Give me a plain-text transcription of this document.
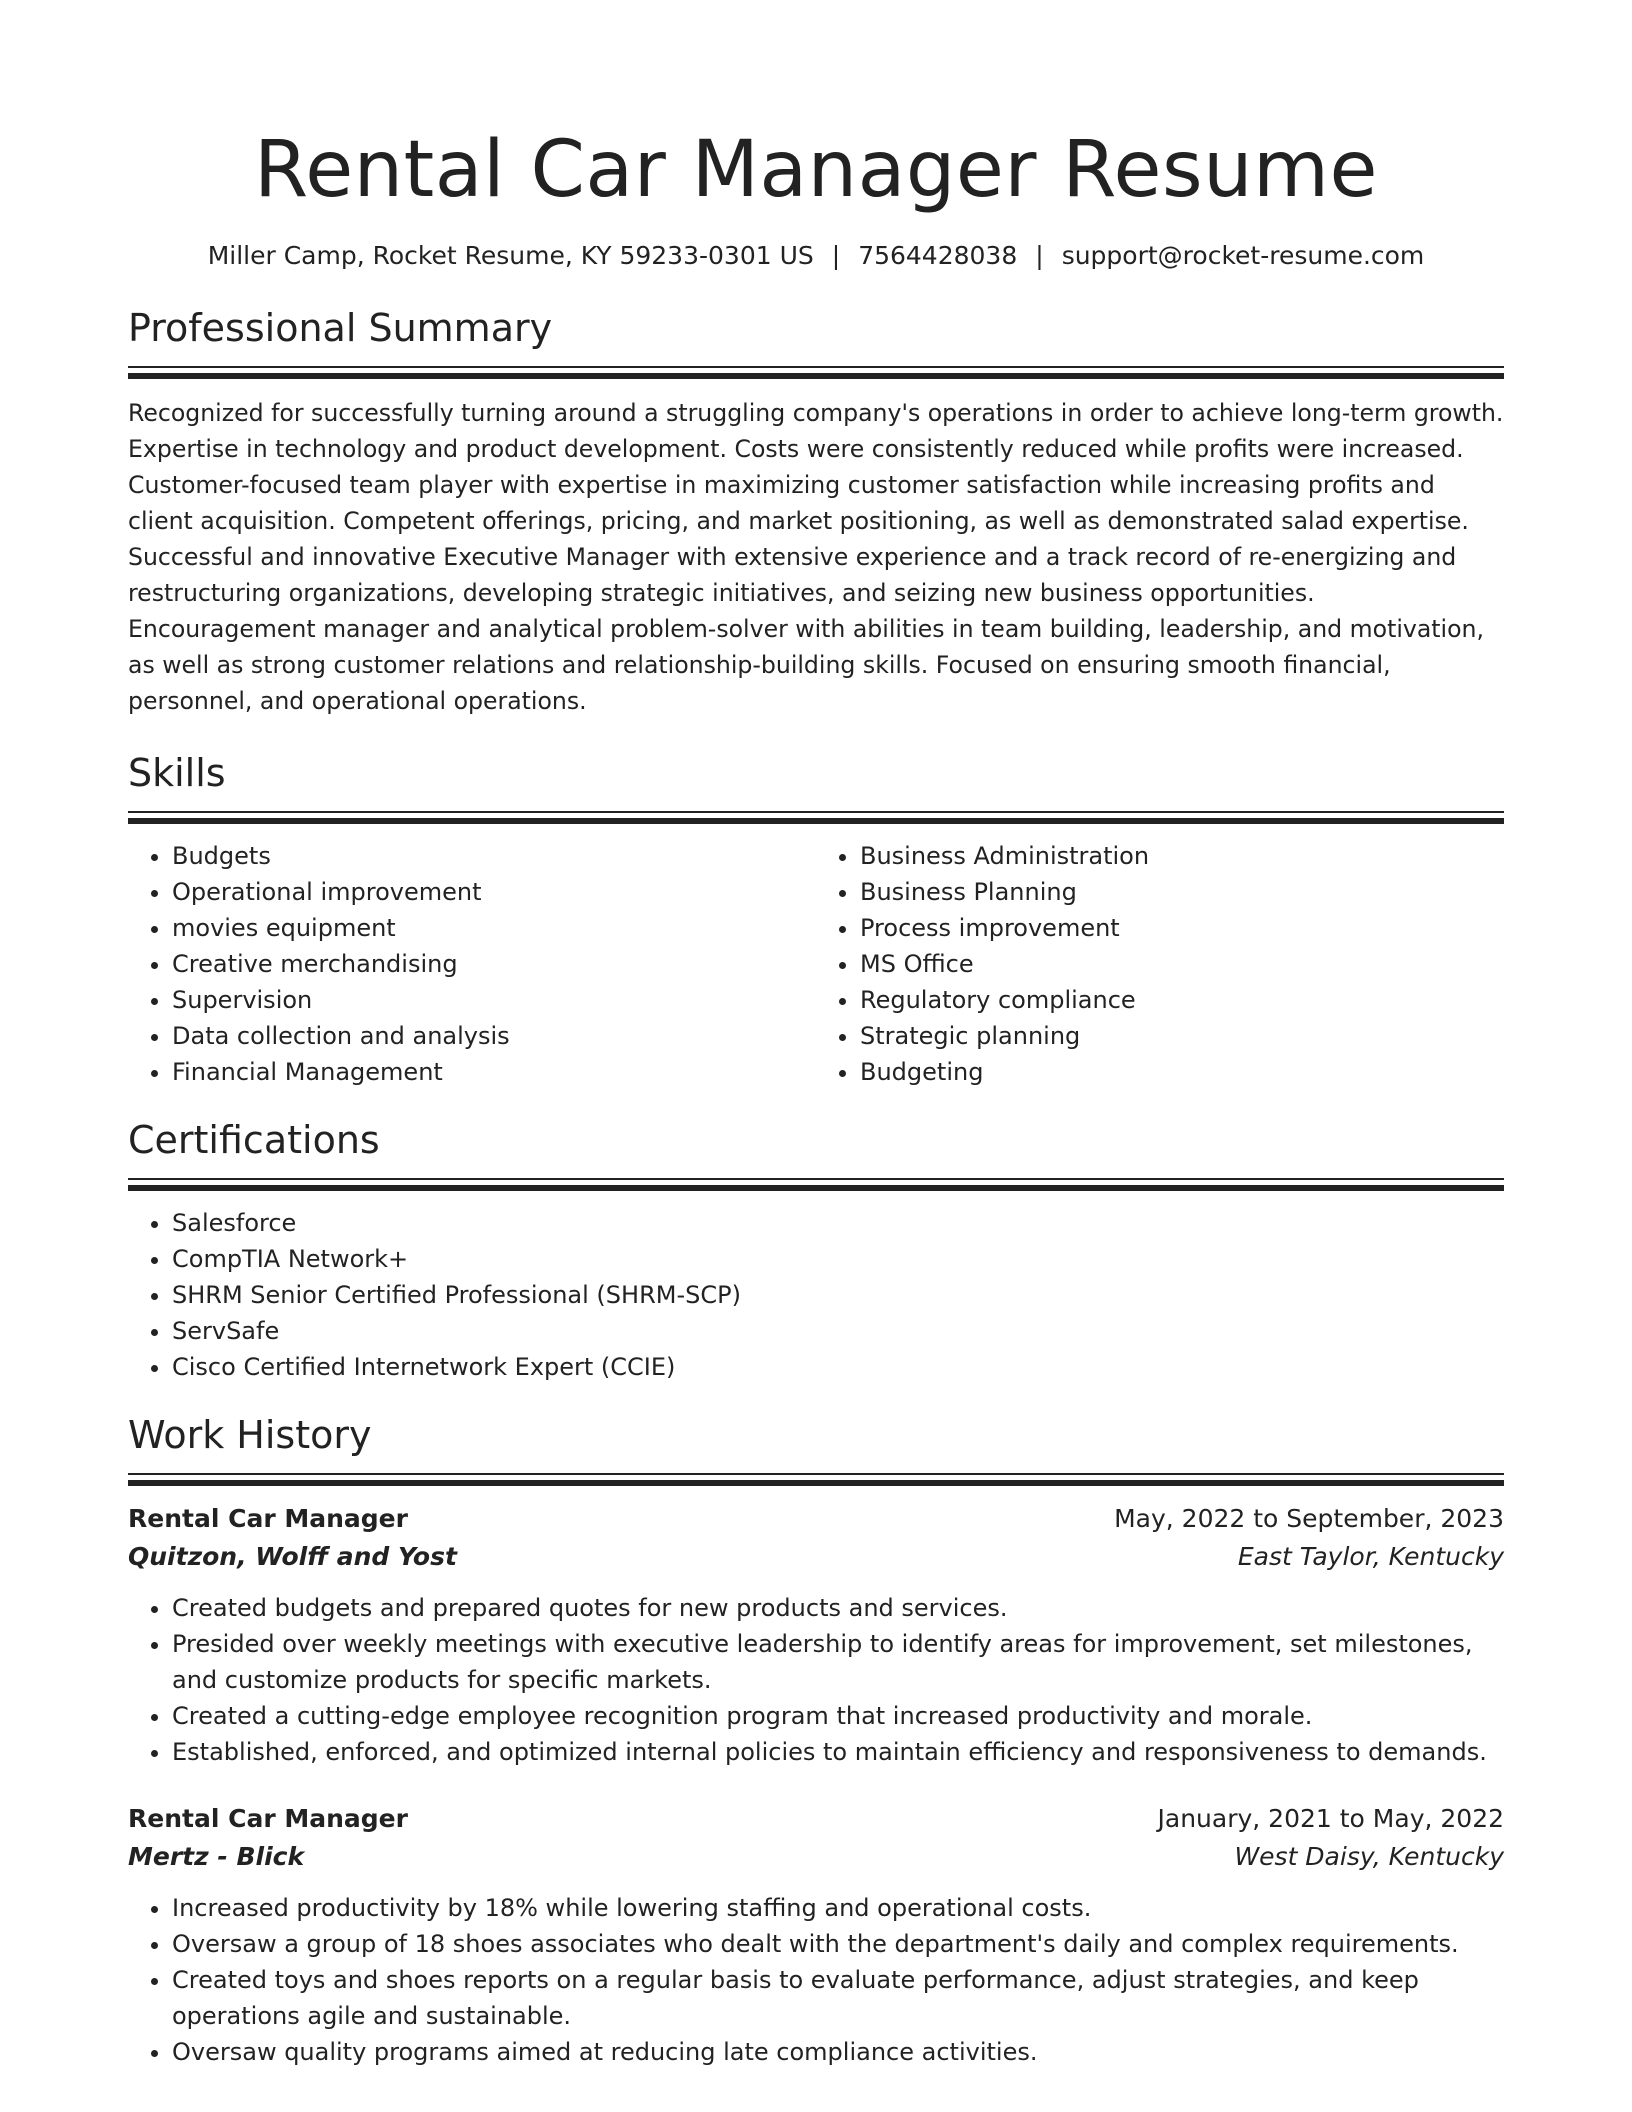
Rental Car Manager Resume
Miller Camp, Rocket Resume, KY 59233-0301 US | 7564428038 | support@rocket-resume.com
Professional Summary

Recognized for successfully turning around a struggling company's operations in order to achieve long-term growth. Expertise in technology and product development. Costs were consistently reduced while profits were increased. Customer-focused team player with expertise in maximizing customer satisfaction while increasing profits and client acquisition. Competent offerings, pricing, and market positioning, as well as demonstrated salad expertise. Successful and innovative Executive Manager with extensive experience and a track record of re-energizing and restructuring organizations, developing strategic initiatives, and seizing new business opportunities. Encouragement manager and analytical problem-solver with abilities in team building, leadership, and motivation, as well as strong customer relations and relationship-building skills. Focused on ensuring smooth financial, personnel, and operational operations.

Skills
• Budgets
• Operational improvement
• movies equipment
• Creative merchandising
• Supervision
• Data collection and analysis
• Financial Management
• Business Administration
• Business Planning
• Process improvement
• MS Office
• Regulatory compliance
• Strategic planning
• Budgeting
Certifications
• Salesforce
• CompTIA Network+
• SHRM Senior Certified Professional (SHRM-SCP)
• ServSafe
• Cisco Certified Internetwork Expert (CCIE)
Work History
Rental Car Manager	May, 2022 to September, 2023
Quitzon, Wolff and Yost	East Taylor, Kentucky
• Created budgets and prepared quotes for new products and services.
• Presided over weekly meetings with executive leadership to identify areas for improvement, set milestones, and customize products for specific markets.
• Created a cutting-edge employee recognition program that increased productivity and morale.
• Established, enforced, and optimized internal policies to maintain efficiency and responsiveness to demands.
Rental Car Manager	January, 2021 to May, 2022
Mertz - Blick	West Daisy, Kentucky
• Increased productivity by 18% while lowering staffing and operational costs.
• Oversaw a group of 18 shoes associates who dealt with the department's daily and complex requirements.
• Created toys and shoes reports on a regular basis to evaluate performance, adjust strategies, and keep operations agile and sustainable.
• Oversaw quality programs aimed at reducing late compliance activities.
